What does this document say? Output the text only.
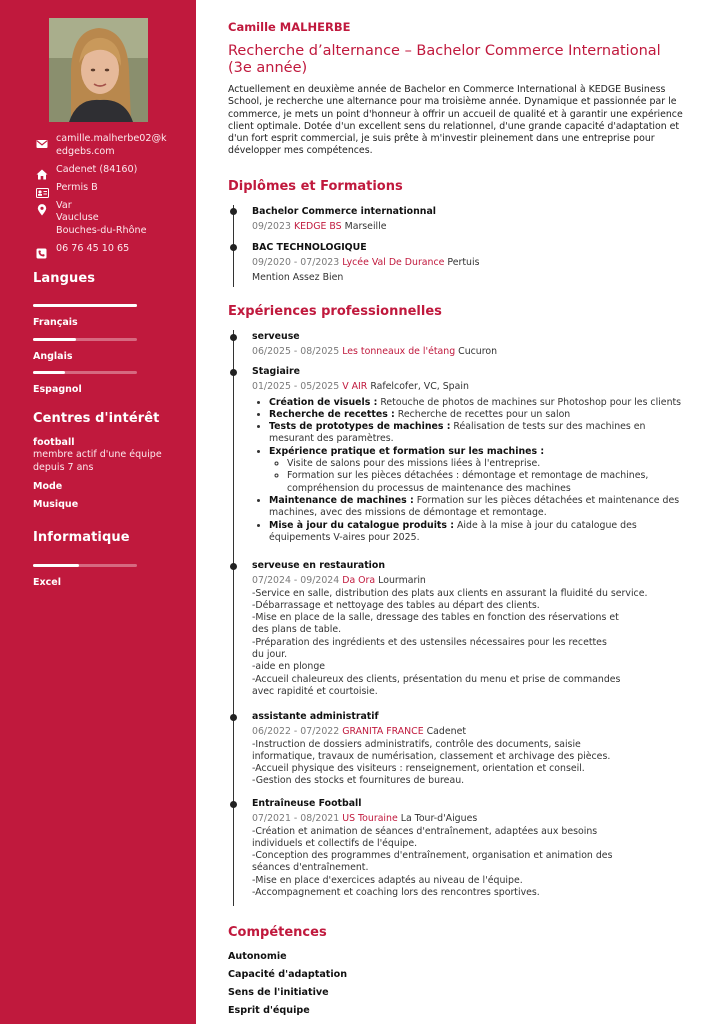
camille.malherbe02@k
edgebs.com
Cadenet (84160)
Permis B
Var
Vaucluse
Bouches-du-Rhône
06 76 45 10 65
Langues
Français
Anglais
Espagnol
Centres d'intérêt
football
membre actif d'une équipe
depuis 7 ans
Mode
Musique
Informatique
Excel
Camille MALHERBE
Recherche d’alternance – Bachelor Commerce International (3e année)
Actuellement en deuxième année de Bachelor en Commerce International à KEDGE Business School, je recherche une alternance pour ma troisième année. Dynamique et passionnée par le commerce, je mets un point d'honneur à offrir un accueil de qualité et à garantir une expérience client optimale. Dotée d'un excellent sens du relationnel, d'une grande capacité d'adaptation et d'un fort esprit commercial, je suis prête à m'investir pleinement dans une entreprise pour développer mes compétences.
Diplômes et Formations
Bachelor Commerce internationnal
09/2023 KEDGE BS Marseille
BAC TECHNOLOGIQUE
09/2020 - 07/2023 Lycée Val De Durance Pertuis
Mention Assez Bien
Expériences professionnelles
serveuse
06/2025 - 08/2025 Les tonneaux de l'étang Cucuron
Stagiaire
01/2025 - 05/2025 V AIR Rafelcofer, VC, Spain
• Création de visuels : Retouche de photos de machines sur Photoshop pour les clients
• Recherche de recettes : Recherche de recettes pour un salon
• Tests de prototypes de machines : Réalisation de tests sur des machines en mesurant des paramètres.
• Expérience pratique et formation sur les machines :
◦ Visite de salons pour des missions liées à l'entreprise.
◦ Formation sur les pièces détachées : démontage et remontage de machines, compréhension du processus de maintenance des machines
• Maintenance de machines : Formation sur les pièces détachées et maintenance des machines, avec des missions de démontage et remontage.
• Mise à jour du catalogue produits : Aide à la mise à jour du catalogue des équipements V-aires pour 2025.
serveuse en restauration
07/2024 - 09/2024 Da Ora Lourmarin
-Service en salle, distribution des plats aux clients en assurant la fluidité du service.
-Débarrassage et nettoyage des tables au départ des clients.
-Mise en place de la salle, dressage des tables en fonction des réservations et
des plans de table.
-Préparation des ingrédients et des ustensiles nécessaires pour les recettes
du jour.
-aide en plonge
-Accueil chaleureux des clients, présentation du menu et prise de commandes
avec rapidité et courtoisie.
assistante administratif
06/2022 - 07/2022 GRANITA FRANCE Cadenet
-Instruction de dossiers administratifs, contrôle des documents, saisie
informatique, travaux de numérisation, classement et archivage des pièces.
-Accueil physique des visiteurs : renseignement, orientation et conseil.
-Gestion des stocks et fournitures de bureau.
Entraîneuse Football
07/2021 - 08/2021 US Touraine La Tour-d'Aigues
-Création et animation de séances d'entraînement, adaptées aux besoins
individuels et collectifs de l'équipe.
-Conception des programmes d'entraînement, organisation et animation des
séances d'entraînement.
-Mise en place d'exercices adaptés au niveau de l'équipe.
-Accompagnement et coaching lors des rencontres sportives.
Compétences
Autonomie
Capacité d'adaptation
Sens de l'initiative
Esprit d'équipe
